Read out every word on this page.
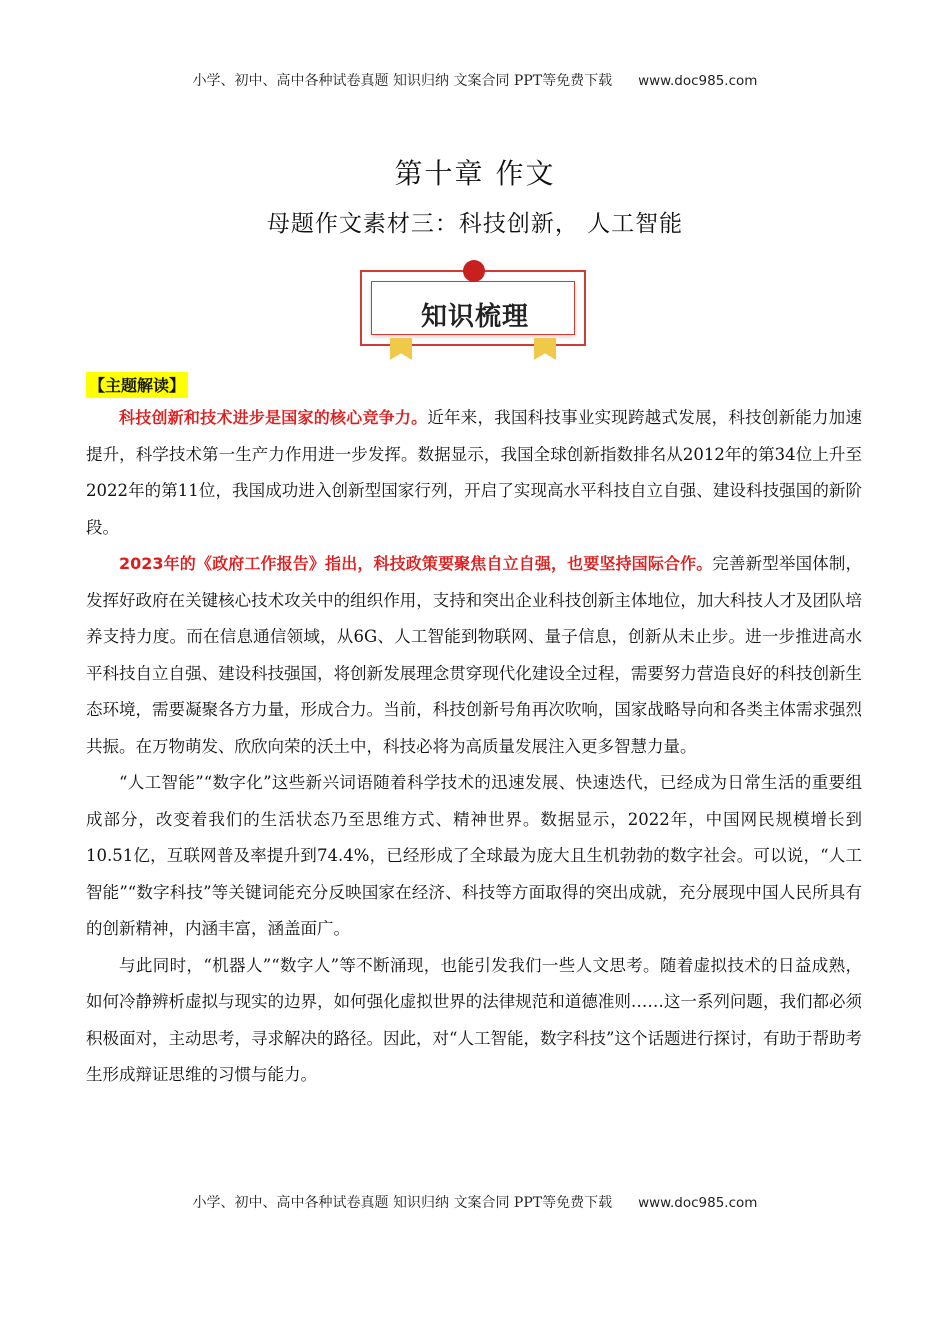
小学、初中、高中各种试卷真题 知识归纳 文案合同 PPT等免费下载 www.doc985.com
第十章 作文
母题作文素材三：科技创新， 人工智能
知识梳理
【主题解读】

科技创新和技术进步是国家的核心竞争力。近年来，我国科技事业实现跨越式发展，科技创新能力加速提升，科学技术第一生产力作用进一步发挥。数据显示，我国全球创新指数排名从2012年的第34位上升至2022年的第11位，我国成功进入创新型国家行列，开启了实现高水平科技自立自强、建设科技强国的新阶段。

2023年的《政府工作报告》指出，科技政策要聚焦自立自强，也要坚持国际合作。完善新型举国体制，发挥好政府在关键核心技术攻关中的组织作用，支持和突出企业科技创新主体地位，加大科技人才及团队培养支持力度。而在信息通信领域，从6G、人工智能到物联网、量子信息，创新从未止步。进一步推进高水平科技自立自强、建设科技强国，将创新发展理念贯穿现代化建设全过程，需要努力营造良好的科技创新生态环境，需要凝聚各方力量，形成合力。当前，科技创新号角再次吹响，国家战略导向和各类主体需求强烈共振。在万物萌发、欣欣向荣的沃土中，科技必将为高质量发展注入更多智慧力量。

“人工智能”“数字化”这些新兴词语随着科学技术的迅速发展、快速迭代，已经成为日常生活的重要组成部分，改变着我们的生活状态乃至思维方式、精神世界。数据显示，2022年，中国网民规模增长到10.51亿，互联网普及率提升到74.4%，已经形成了全球最为庞大且生机勃勃的数字社会。可以说，“人工智能”“数字科技”等关键词能充分反映国家在经济、科技等方面取得的突出成就，充分展现中国人民所具有的创新精神，内涵丰富，涵盖面广。

与此同时，“机器人”“数字人”等不断涌现，也能引发我们一些人文思考。随着虚拟技术的日益成熟，如何冷静辨析虚拟与现实的边界，如何强化虚拟世界的法律规范和道德准则……这一系列问题，我们都必须积极面对，主动思考，寻求解决的路径。因此，对“人工智能，数字科技”这个话题进行探讨，有助于帮助考生形成辩证思维的习惯与能力。

小学、初中、高中各种试卷真题 知识归纳 文案合同 PPT等免费下载 www.doc985.com
